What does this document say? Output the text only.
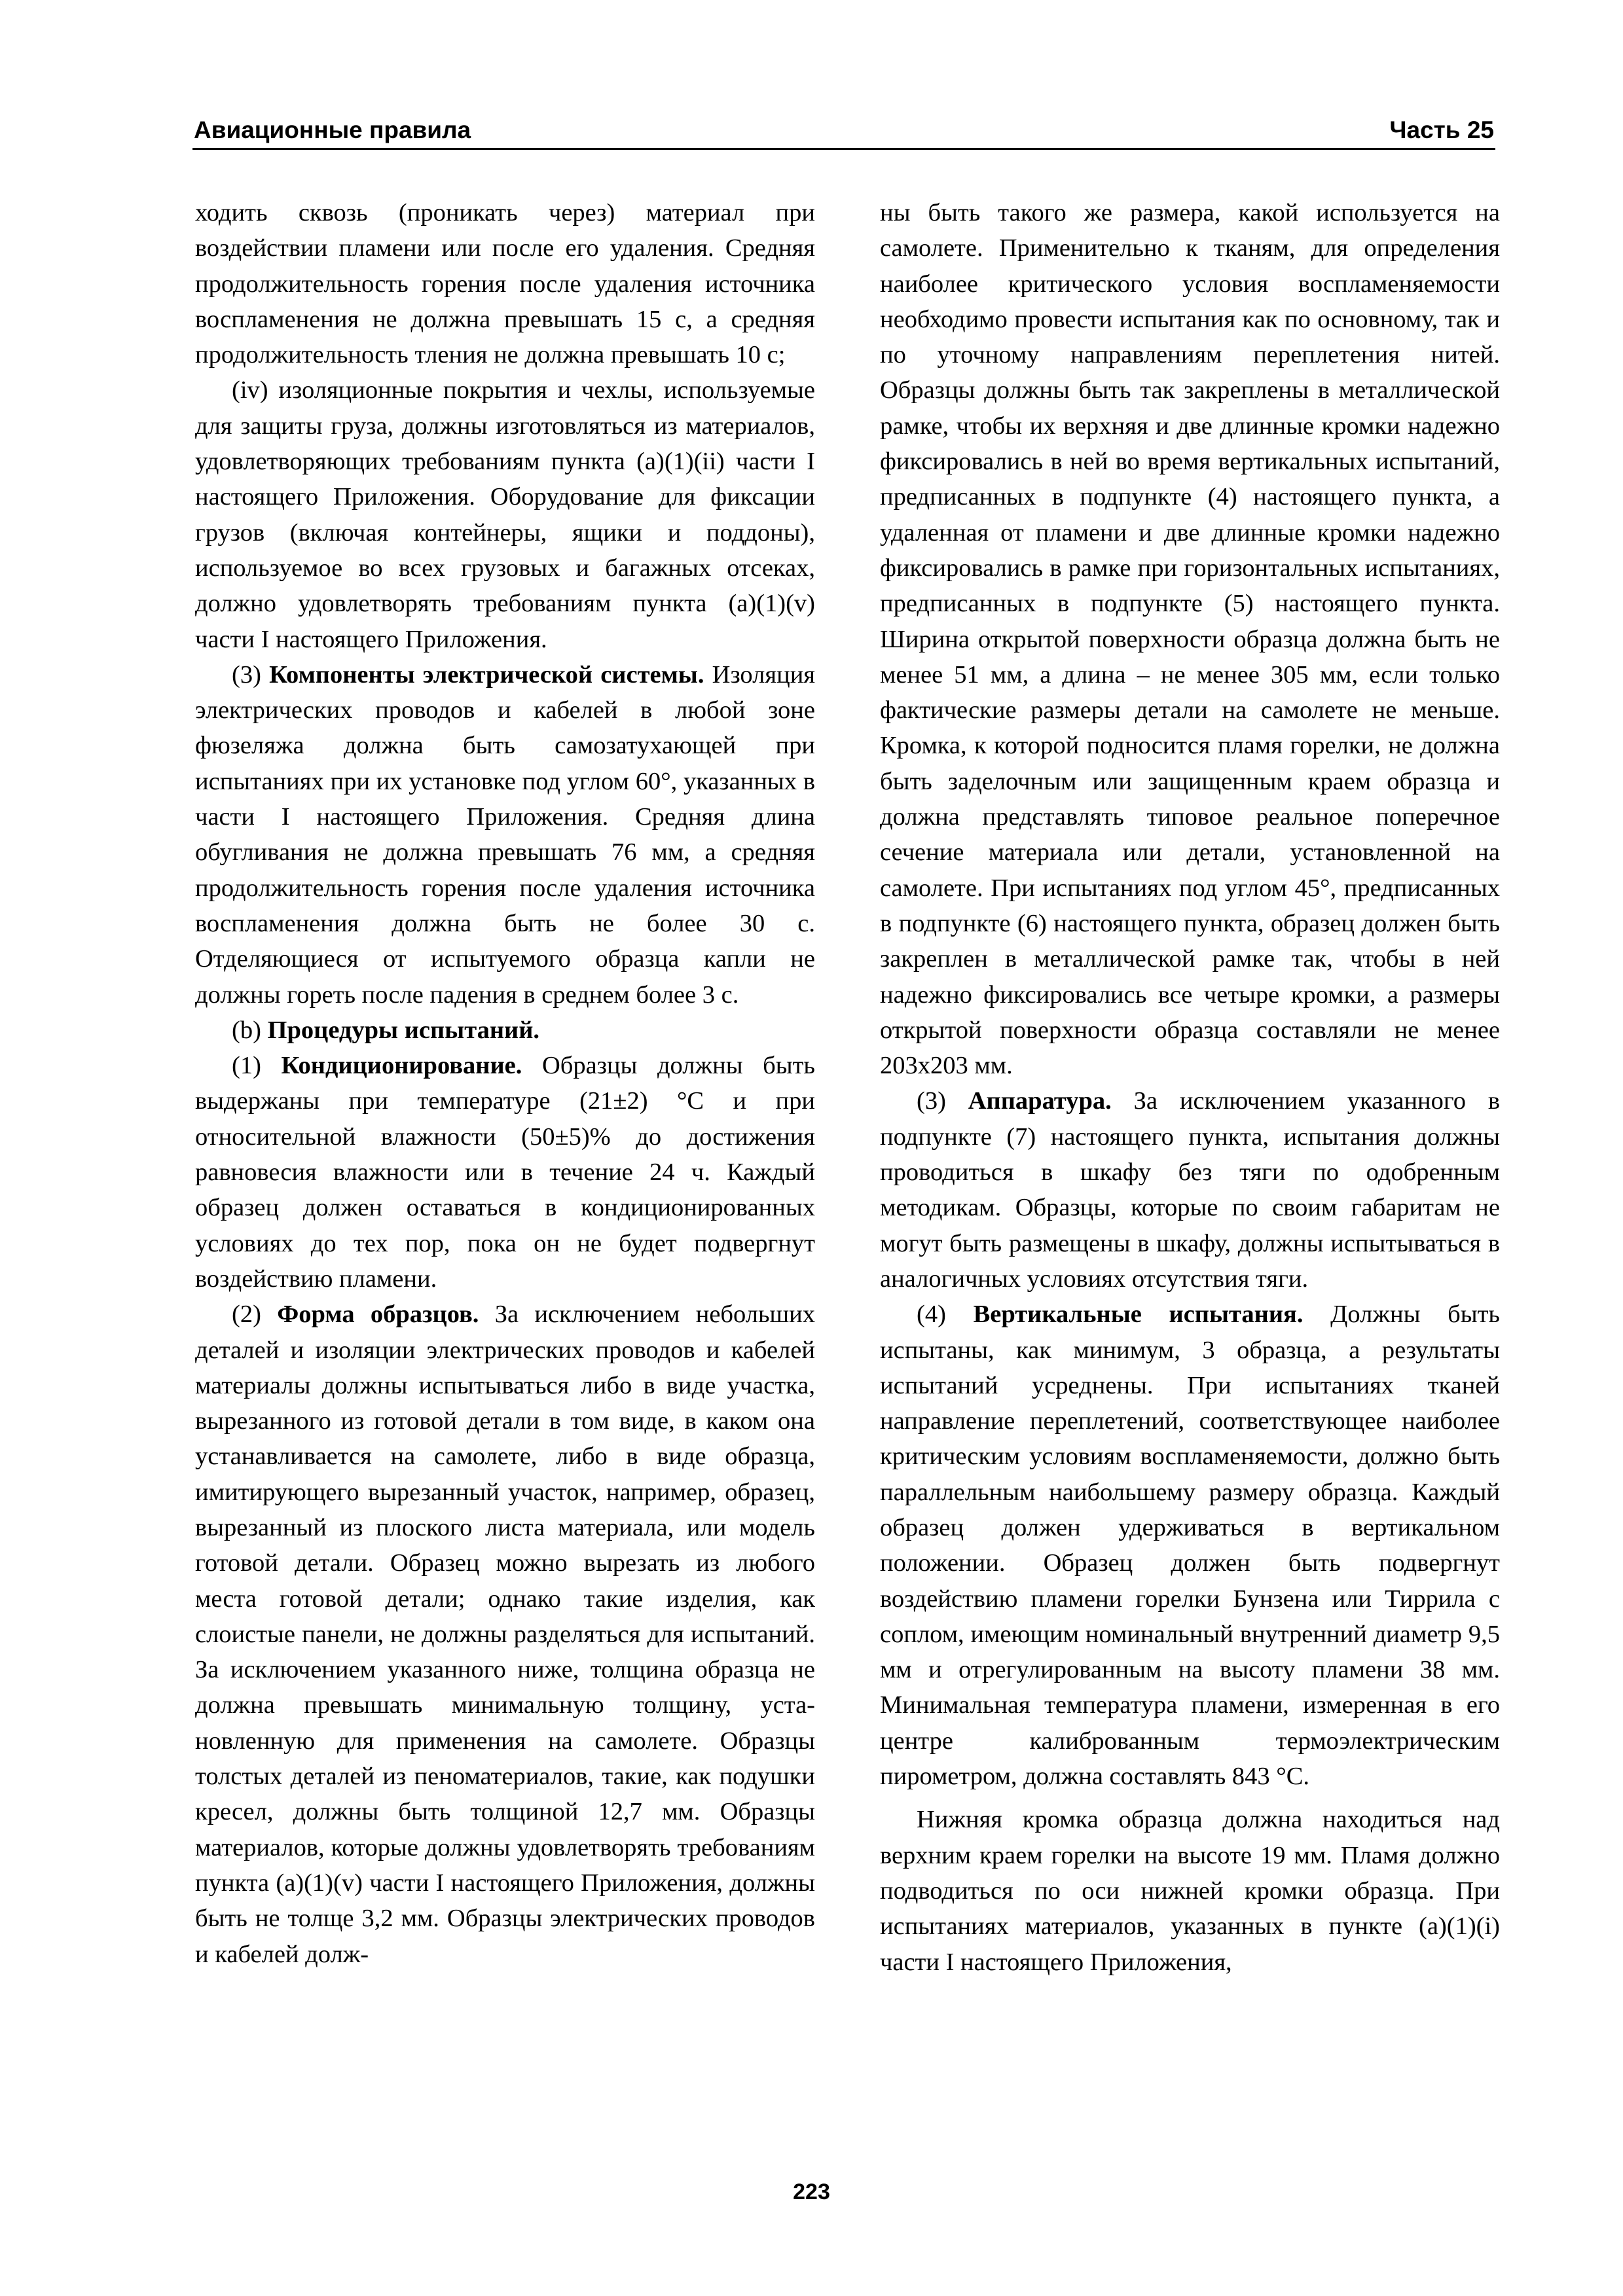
Авиационные правила	Часть 25

ходить сквозь (проникать через) материал при воздействии пламени или после его удаления. Средняя продолжительность горения после удаления источника воспламенения не должна превышать 15 с, а средняя продолжительность тления не должна превышать 10 с;

(iv) изоляционные покрытия и чехлы, используемые для защиты груза, должны изготовляться из материалов, удовлетворяющих требованиям пункта (a)(1)(ii) части I настоящего Приложения. Оборудование для фиксации грузов (включая контейнеры, ящики и поддоны), используемое во всех грузовых и багажных отсеках, должно удовлетворять требованиям пункта (a)(1)(v) части I настоящего Приложения.

(3) Компоненты электрической системы. Изоляция электрических проводов и кабелей в любой зоне фюзеляжа должна быть самозатухающей при испытаниях при их установке под углом 60°, указанных в части I настоящего Приложения. Средняя длина обугливания не должна превышать 76 мм, а средняя продолжительность горения после удаления источника воспламенения должна быть не более 30 с. Отделяющиеся от испытуемого образца капли не должны гореть после падения в среднем более 3 с.

(b) Процедуры испытаний.

(1) Кондиционирование. Образцы должны быть выдержаны при температуре (21±2) °С и при относительной влажности (50±5)% до достижения равновесия влажности или в течение 24 ч. Каждый образец должен оставаться в кондиционированных условиях до тех пор, пока он не будет подвергнут воздействию пламени.

(2) Форма образцов. За исключением небольших деталей и изоляции электрических проводов и кабелей материалы должны испытываться либо в виде участка, вырезанного из готовой детали в том виде, в каком она устанавливается на самолете, либо в виде образца, имитирующего вырезанный участок, например, образец, вырезанный из плоского листа материала, или модель готовой детали. Образец можно вырезать из любого места готовой детали; однако такие изделия, как слоистые панели, не должны разделяться для испытаний. За исключением указанного ниже, толщина образца не должна превышать минимальную толщину, установленную для применения на самолете. Образцы толстых деталей из пеноматериалов, такие, как подушки кресел, должны быть толщиной 12,7 мм. Образцы материалов, которые должны удовлетворять требованиям пункта (a)(1)(v) части I настоящего Приложения, должны быть не толще 3,2 мм. Образцы электрических проводов и кабелей долж-

ны быть такого же размера, какой используется на самолете. Применительно к тканям, для определения наиболее критического условия воспламеняемости необходимо провести испытания как по основному, так и по уточному направлениям переплетения нитей. Образцы должны быть так закреплены в металлической рамке, чтобы их верхняя и две длинные кромки надежно фиксировались в ней во время вертикальных испытаний, предписанных в подпункте (4) настоящего пункта, а удаленная от пламени и две длинные кромки надежно фиксировались в рамке при горизонтальных испытаниях, предписанных в подпункте (5) настоящего пункта. Ширина открытой поверхности образца должна быть не менее 51 мм, а длина – не менее 305 мм, если только фактические размеры детали на самолете не меньше. Кромка, к которой подносится пламя горелки, не должна быть заделочным или защищенным краем образца и должна представлять типовое реальное поперечное сечение материала или детали, установленной на самолете. При испытаниях под углом 45°, предписанных в подпункте (6) настоящего пункта, образец должен быть закреплен в металлической рамке так, чтобы в ней надежно фиксировались все четыре кромки, а размеры открытой поверхности образца составляли не менее 203x203 мм.

(3) Аппаратура. За исключением указанного в подпункте (7) настоящего пункта, испытания должны проводиться в шкафу без тяги по одобренным методикам. Образцы, которые по своим габаритам не могут быть размещены в шкафу, должны испытываться в аналогичных условиях отсутствия тяги.

(4) Вертикальные испытания. Должны быть испытаны, как минимум, 3 образца, а результаты испытаний усреднены. При испытаниях тканей направление переплетений, соответствующее наиболее критическим условиям воспламеняемости, должно быть параллельным наибольшему размеру образца. Каждый образец должен удерживаться в вертикальном положении. Образец должен быть подвергнут воздействию пламени горелки Бунзена или Тиррила с соплом, имеющим номинальный внутренний диаметр 9,5 мм и отрегулированным на высоту пламени 38 мм. Минимальная температура пламени, измеренная в его центре калиброванным термоэлектрическим пирометром, должна составлять 843 °С.

Нижняя кромка образца должна находиться над верхним краем горелки на высоте 19 мм. Пламя должно подводиться по оси нижней кромки образца. При испытаниях материалов, указанных в пункте (a)(1)(i) части I настоящего Приложения,

223
